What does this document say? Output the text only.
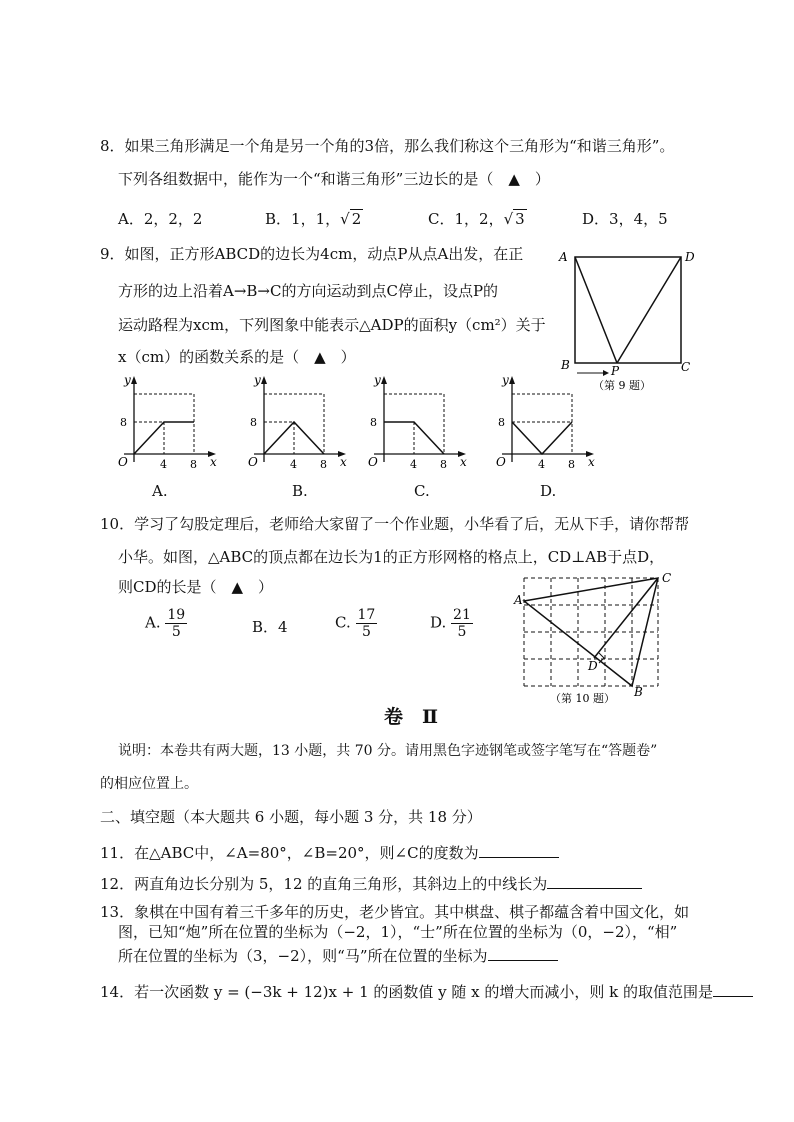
8．如果三角形满足一个角是另一个角的3倍，那么我们称这个三角形为“和谐三角形”。
下列各组数据中，能作为一个“和谐三角形”三边长的是（　▲　）
A．2，2，2	B．1，1，√ 2	C．1，2，√ 3	D．3，4，5
9．如图，正方形ABCD的边长为4cm，动点P从点A出发，在正
方形的边上沿着A→B→C的方向运动到点C停止，设点P的
运动路程为xcm，下列图象中能表示△ADP的面积y（cm²）关于
x（cm）的函数关系的是（　▲　）
A	D
B	C
P
（第 9 题）
y
x
O
8
4 8
A.
y
x
O
8
4 8
B.
y
x
O
8
4 8
C.
y
x
O
8
4 8
D.
10．学习了勾股定理后，老师给大家留了一个作业题，小华看了后，无从下手，请你帮帮
小华。如图，△ABC的顶点都在边长为1的正方形网格的格点上，CD⊥AB于点D，
则CD的长是（　▲　）
A. $\frac{19}{5}$	B．4	C. $\frac{17}{5}$	D. $\frac{21}{5}$
A
C
B
D
（第 10 题）
卷　Ⅱ
说明：本卷共有两大题，13 小题，共 70 分。请用黑色字迹钢笔或签字笔写在“答题卷”
的相应位置上。
二、填空题（本大题共 6 小题，每小题 3 分，共 18 分）
11．在△ABC中，∠A=80°，∠B=20°，则∠C的度数为
12．两直角边长分别为 5，12 的直角三角形，其斜边上的中线长为
13．象棋在中国有着三千多年的历史，老少皆宜。其中棋盘、棋子都蕴含着中国文化，如
图，已知“炮”所在位置的坐标为（−2，1），“士”所在位置的坐标为（0，−2），“相”
所在位置的坐标为（3，−2），则“马”所在位置的坐标为
14．若一次函数 y = (−3k + 12)x + 1 的函数值 y 随 x 的增大而减小，则 k 的取值范围是
